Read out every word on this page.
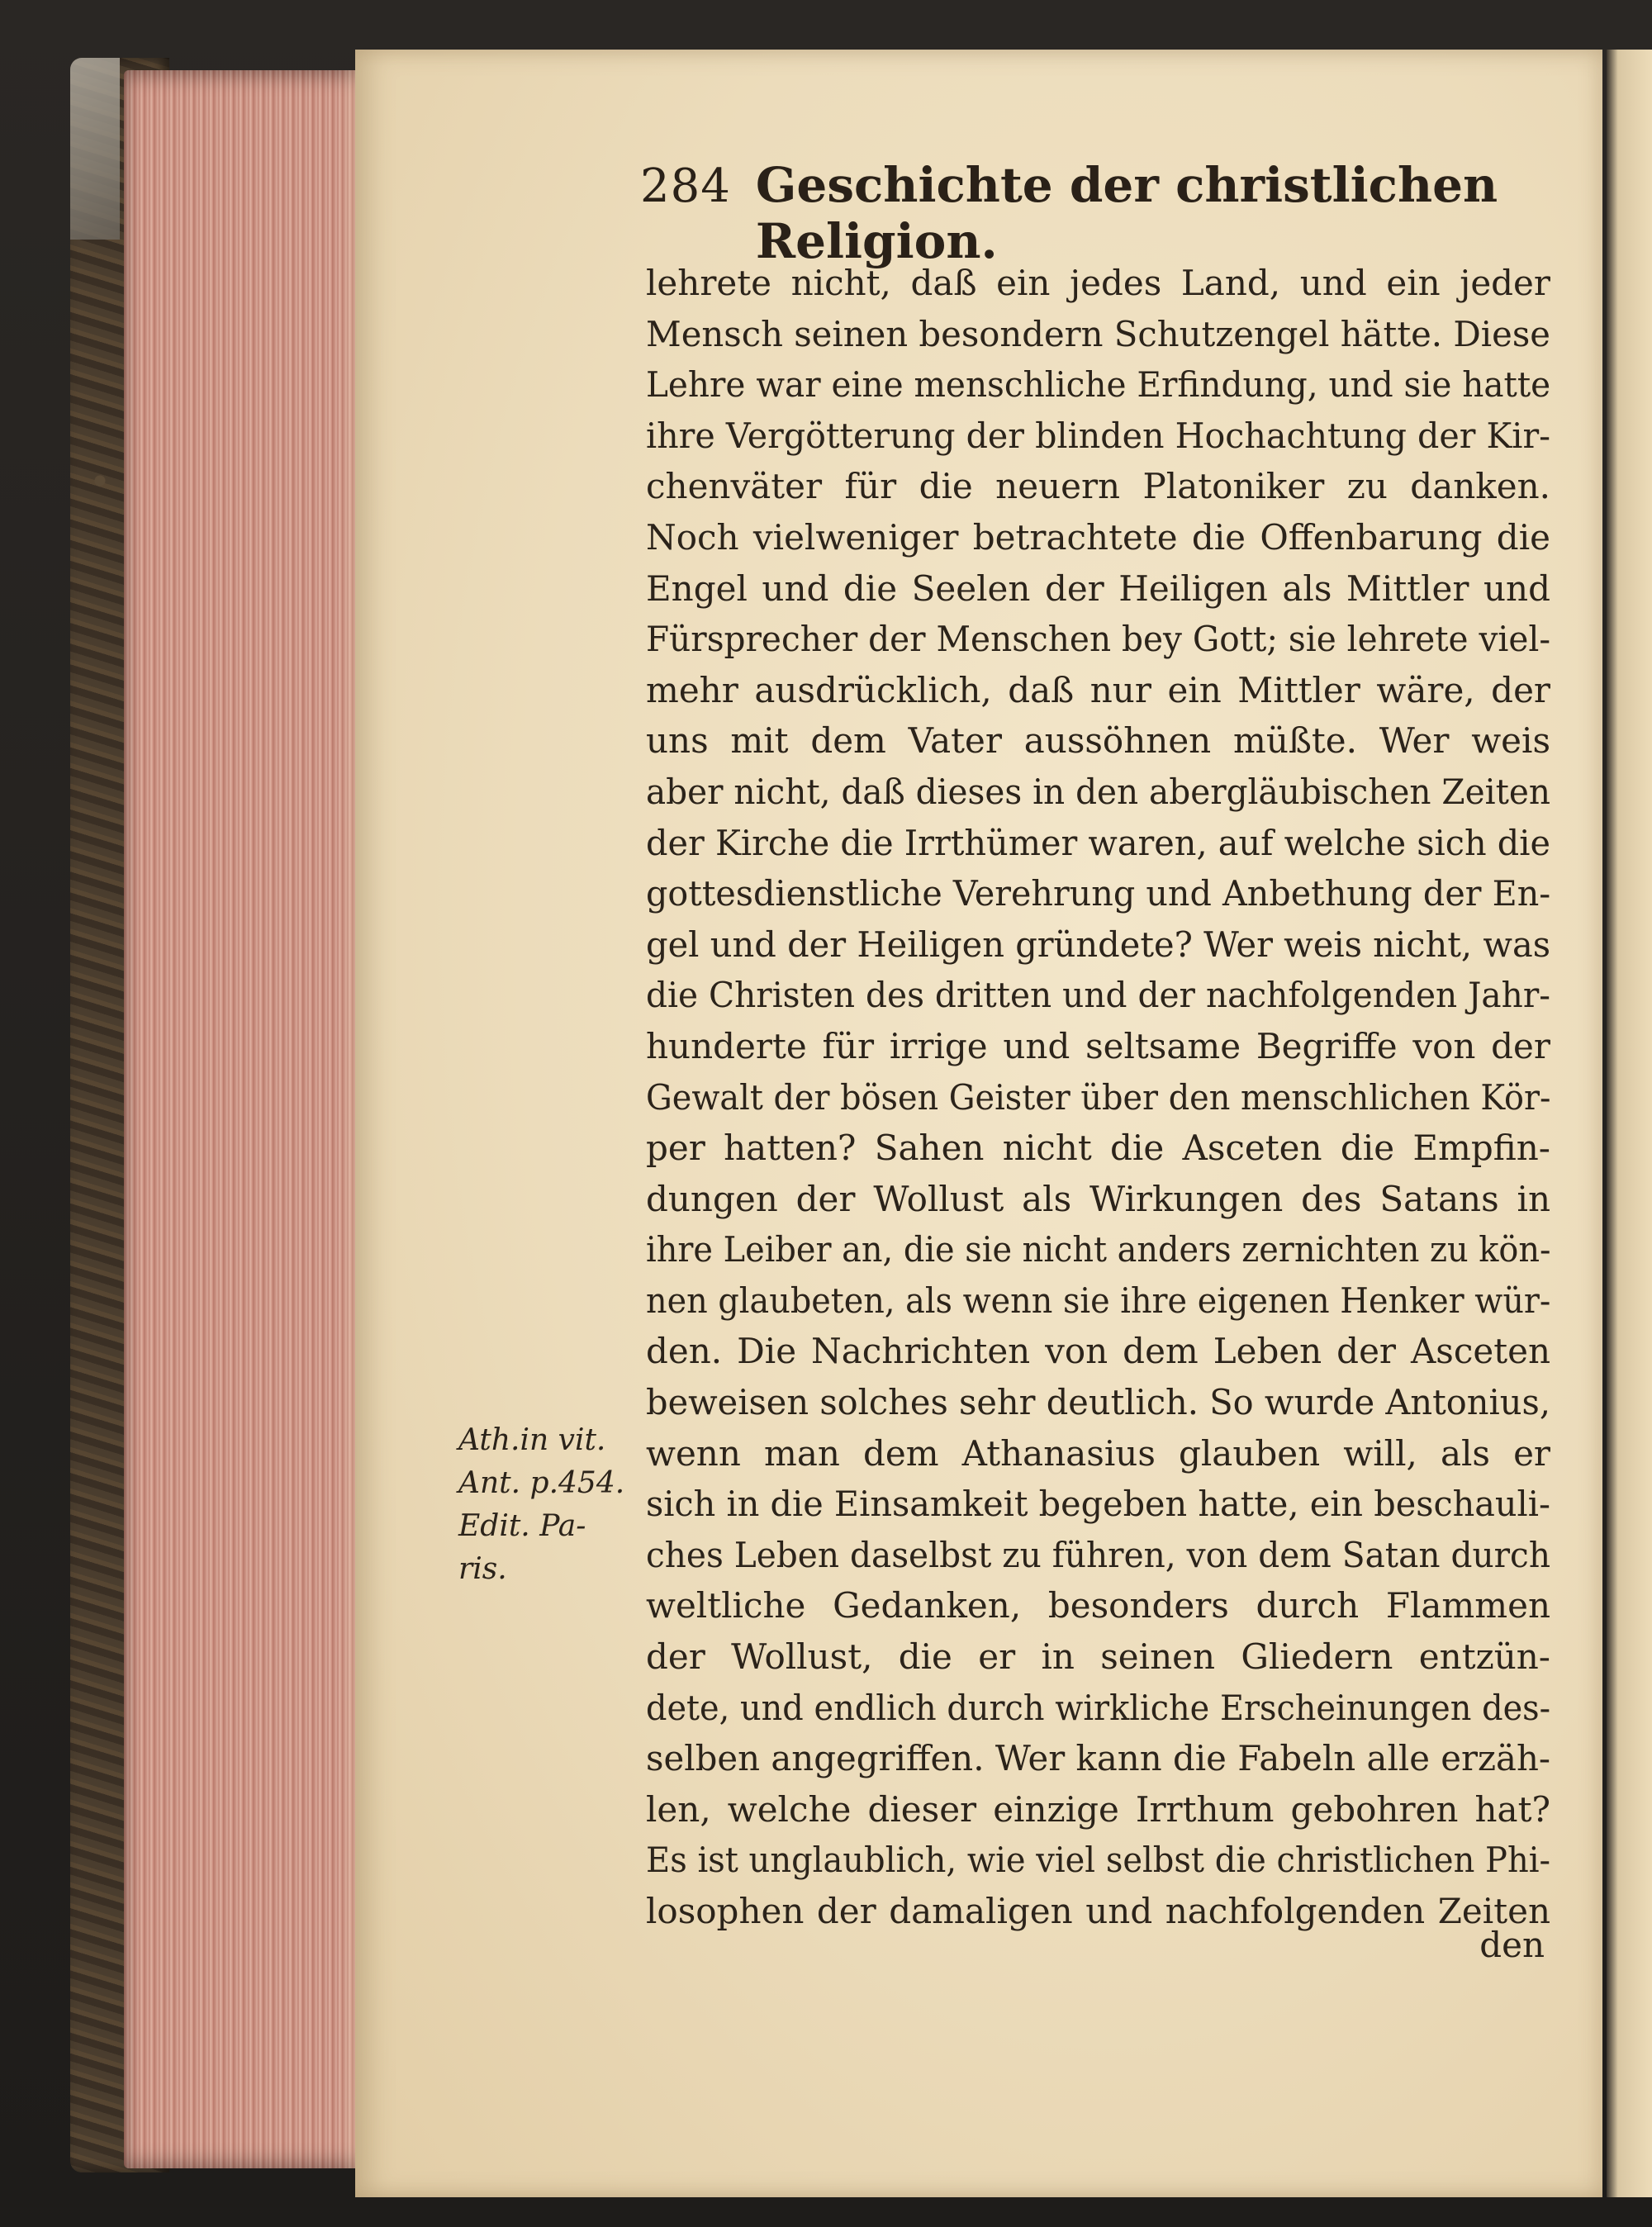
284 Geschichte der christlichen Religion.
lehrete nicht, daß ein jedes Land, und ein jeder
Mensch seinen besondern Schutzengel hätte. Diese
Lehre war eine menschliche Erfindung, und sie hatte
ihre Vergötterung der blinden Hochachtung der Kir-
chenväter für die neuern Platoniker zu danken.
Noch vielweniger betrachtete die Offenbarung die
Engel und die Seelen der Heiligen als Mittler und
Fürsprecher der Menschen bey Gott; sie lehrete viel-
mehr ausdrücklich, daß nur ein Mittler wäre, der
uns mit dem Vater aussöhnen müßte. Wer weis
aber nicht, daß dieses in den abergläubischen Zeiten
der Kirche die Irrthümer waren, auf welche sich die
gottesdienstliche Verehrung und Anbethung der En-
gel und der Heiligen gründete? Wer weis nicht, was
die Christen des dritten und der nachfolgenden Jahr-
hunderte für irrige und seltsame Begriffe von der
Gewalt der bösen Geister über den menschlichen Kör-
per hatten? Sahen nicht die Asceten die Empfin-
dungen der Wollust als Wirkungen des Satans in
ihre Leiber an, die sie nicht anders zernichten zu kön-
nen glaubeten, als wenn sie ihre eigenen Henker wür-
den. Die Nachrichten von dem Leben der Asceten
beweisen solches sehr deutlich. So wurde Antonius,
wenn man dem Athanasius glauben will, als er
sich in die Einsamkeit begeben hatte, ein beschauli-
ches Leben daselbst zu führen, von dem Satan durch
weltliche Gedanken, besonders durch Flammen
der Wollust, die er in seinen Gliedern entzün-
dete, und endlich durch wirkliche Erscheinungen des-
selben angegriffen. Wer kann die Fabeln alle erzäh-
len, welche dieser einzige Irrthum gebohren hat?
Es ist unglaublich, wie viel selbst die christlichen Phi-
losophen der damaligen und nachfolgenden Zeiten
den
Ath.in vit.
Ant. p.454.
Edit. Pa-
ris.
